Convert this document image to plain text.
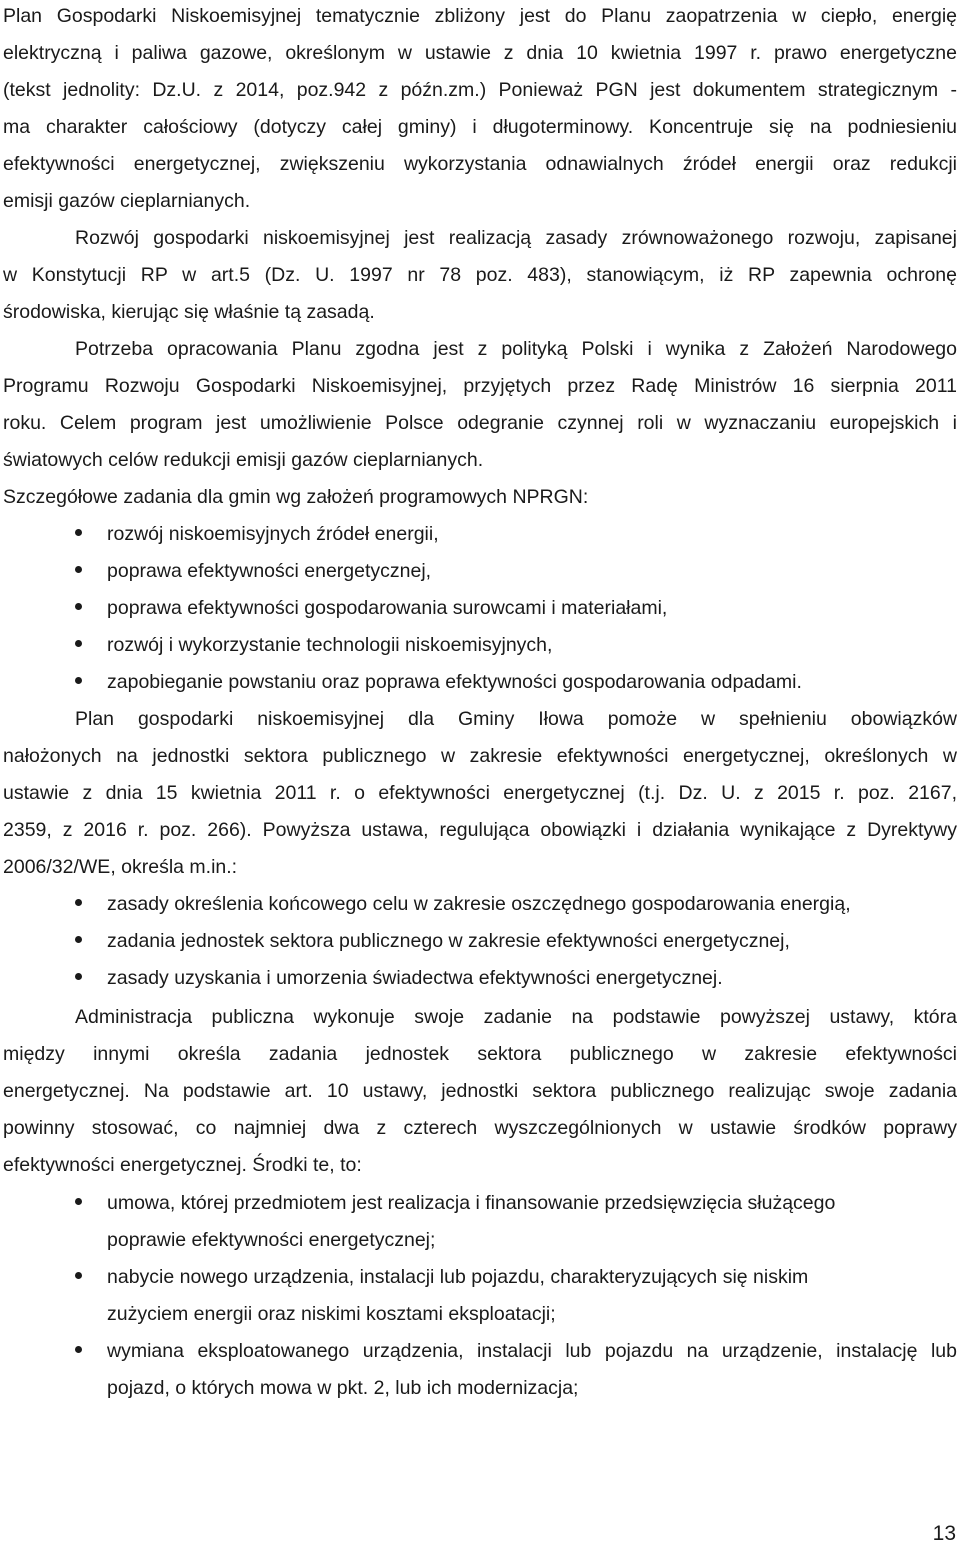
Plan Gospodarki Niskoemisyjnej tematycznie zbliżony jest do Planu zaopatrzenia w ciepło, energię

elektryczną i paliwa gazowe, określonym w ustawie z dnia 10 kwietnia 1997 r. prawo energetyczne

(tekst jednolity: Dz.U. z 2014, poz.942 z późn.zm.) Ponieważ PGN jest dokumentem strategicznym -

ma charakter całościowy (dotyczy całej gminy) i długoterminowy. Koncentruje się na podniesieniu

efektywności energetycznej, zwiększeniu wykorzystania odnawialnych źródeł energii oraz redukcji

emisji gazów cieplarnianych.

Rozwój gospodarki niskoemisyjnej jest realizacją zasady zrównoważonego rozwoju, zapisanej

w Konstytucji RP w art.5 (Dz. U. 1997 nr 78 poz. 483), stanowiącym, iż RP zapewnia ochronę

środowiska, kierując się właśnie tą zasadą.

Potrzeba opracowania Planu zgodna jest z polityką Polski i wynika z Założeń Narodowego

Programu Rozwoju Gospodarki Niskoemisyjnej, przyjętych przez Radę Ministrów 16 sierpnia 2011

roku. Celem program jest umożliwienie Polsce odegranie czynnej roli w wyznaczaniu europejskich i

światowych celów redukcji emisji gazów cieplarnianych.

Szczegółowe zadania dla gmin wg założeń programowych NPRGN:

rozwój niskoemisyjnych źródeł energii,

poprawa efektywności energetycznej,

poprawa efektywności gospodarowania surowcami i materiałami,

rozwój i wykorzystanie technologii niskoemisyjnych,

zapobieganie powstaniu oraz poprawa efektywności gospodarowania odpadami.

Plan gospodarki niskoemisyjnej dla Gminy Iłowa pomoże w spełnieniu obowiązków

nałożonych na jednostki sektora publicznego w zakresie efektywności energetycznej, określonych w

ustawie z dnia 15 kwietnia 2011 r. o efektywności energetycznej (t.j. Dz. U. z 2015 r. poz. 2167,

2359, z 2016 r. poz. 266). Powyższa ustawa, regulująca obowiązki i działania wynikające z Dyrektywy

2006/32/WE, określa m.in.:

zasady określenia końcowego celu w zakresie oszczędnego gospodarowania energią,

zadania jednostek sektora publicznego w zakresie efektywności energetycznej,

zasady uzyskania i umorzenia świadectwa efektywności energetycznej.

Administracja publiczna wykonuje swoje zadanie na podstawie powyższej ustawy, która

między innymi określa zadania jednostek sektora publicznego w zakresie efektywności

energetycznej. Na podstawie art. 10 ustawy, jednostki sektora publicznego realizując swoje zadania

powinny stosować, co najmniej dwa z czterech wyszczególnionych w ustawie środków poprawy

efektywności energetycznej. Środki te, to:

umowa, której przedmiotem jest realizacja i finansowanie przedsięwzięcia służącego

poprawie efektywności energetycznej;

nabycie nowego urządzenia, instalacji lub pojazdu, charakteryzujących się niskim

zużyciem energii oraz niskimi kosztami eksploatacji;

wymiana eksploatowanego urządzenia, instalacji lub pojazdu na urządzenie, instalację lub

pojazd, o których mowa w pkt. 2, lub ich modernizacja;

13
